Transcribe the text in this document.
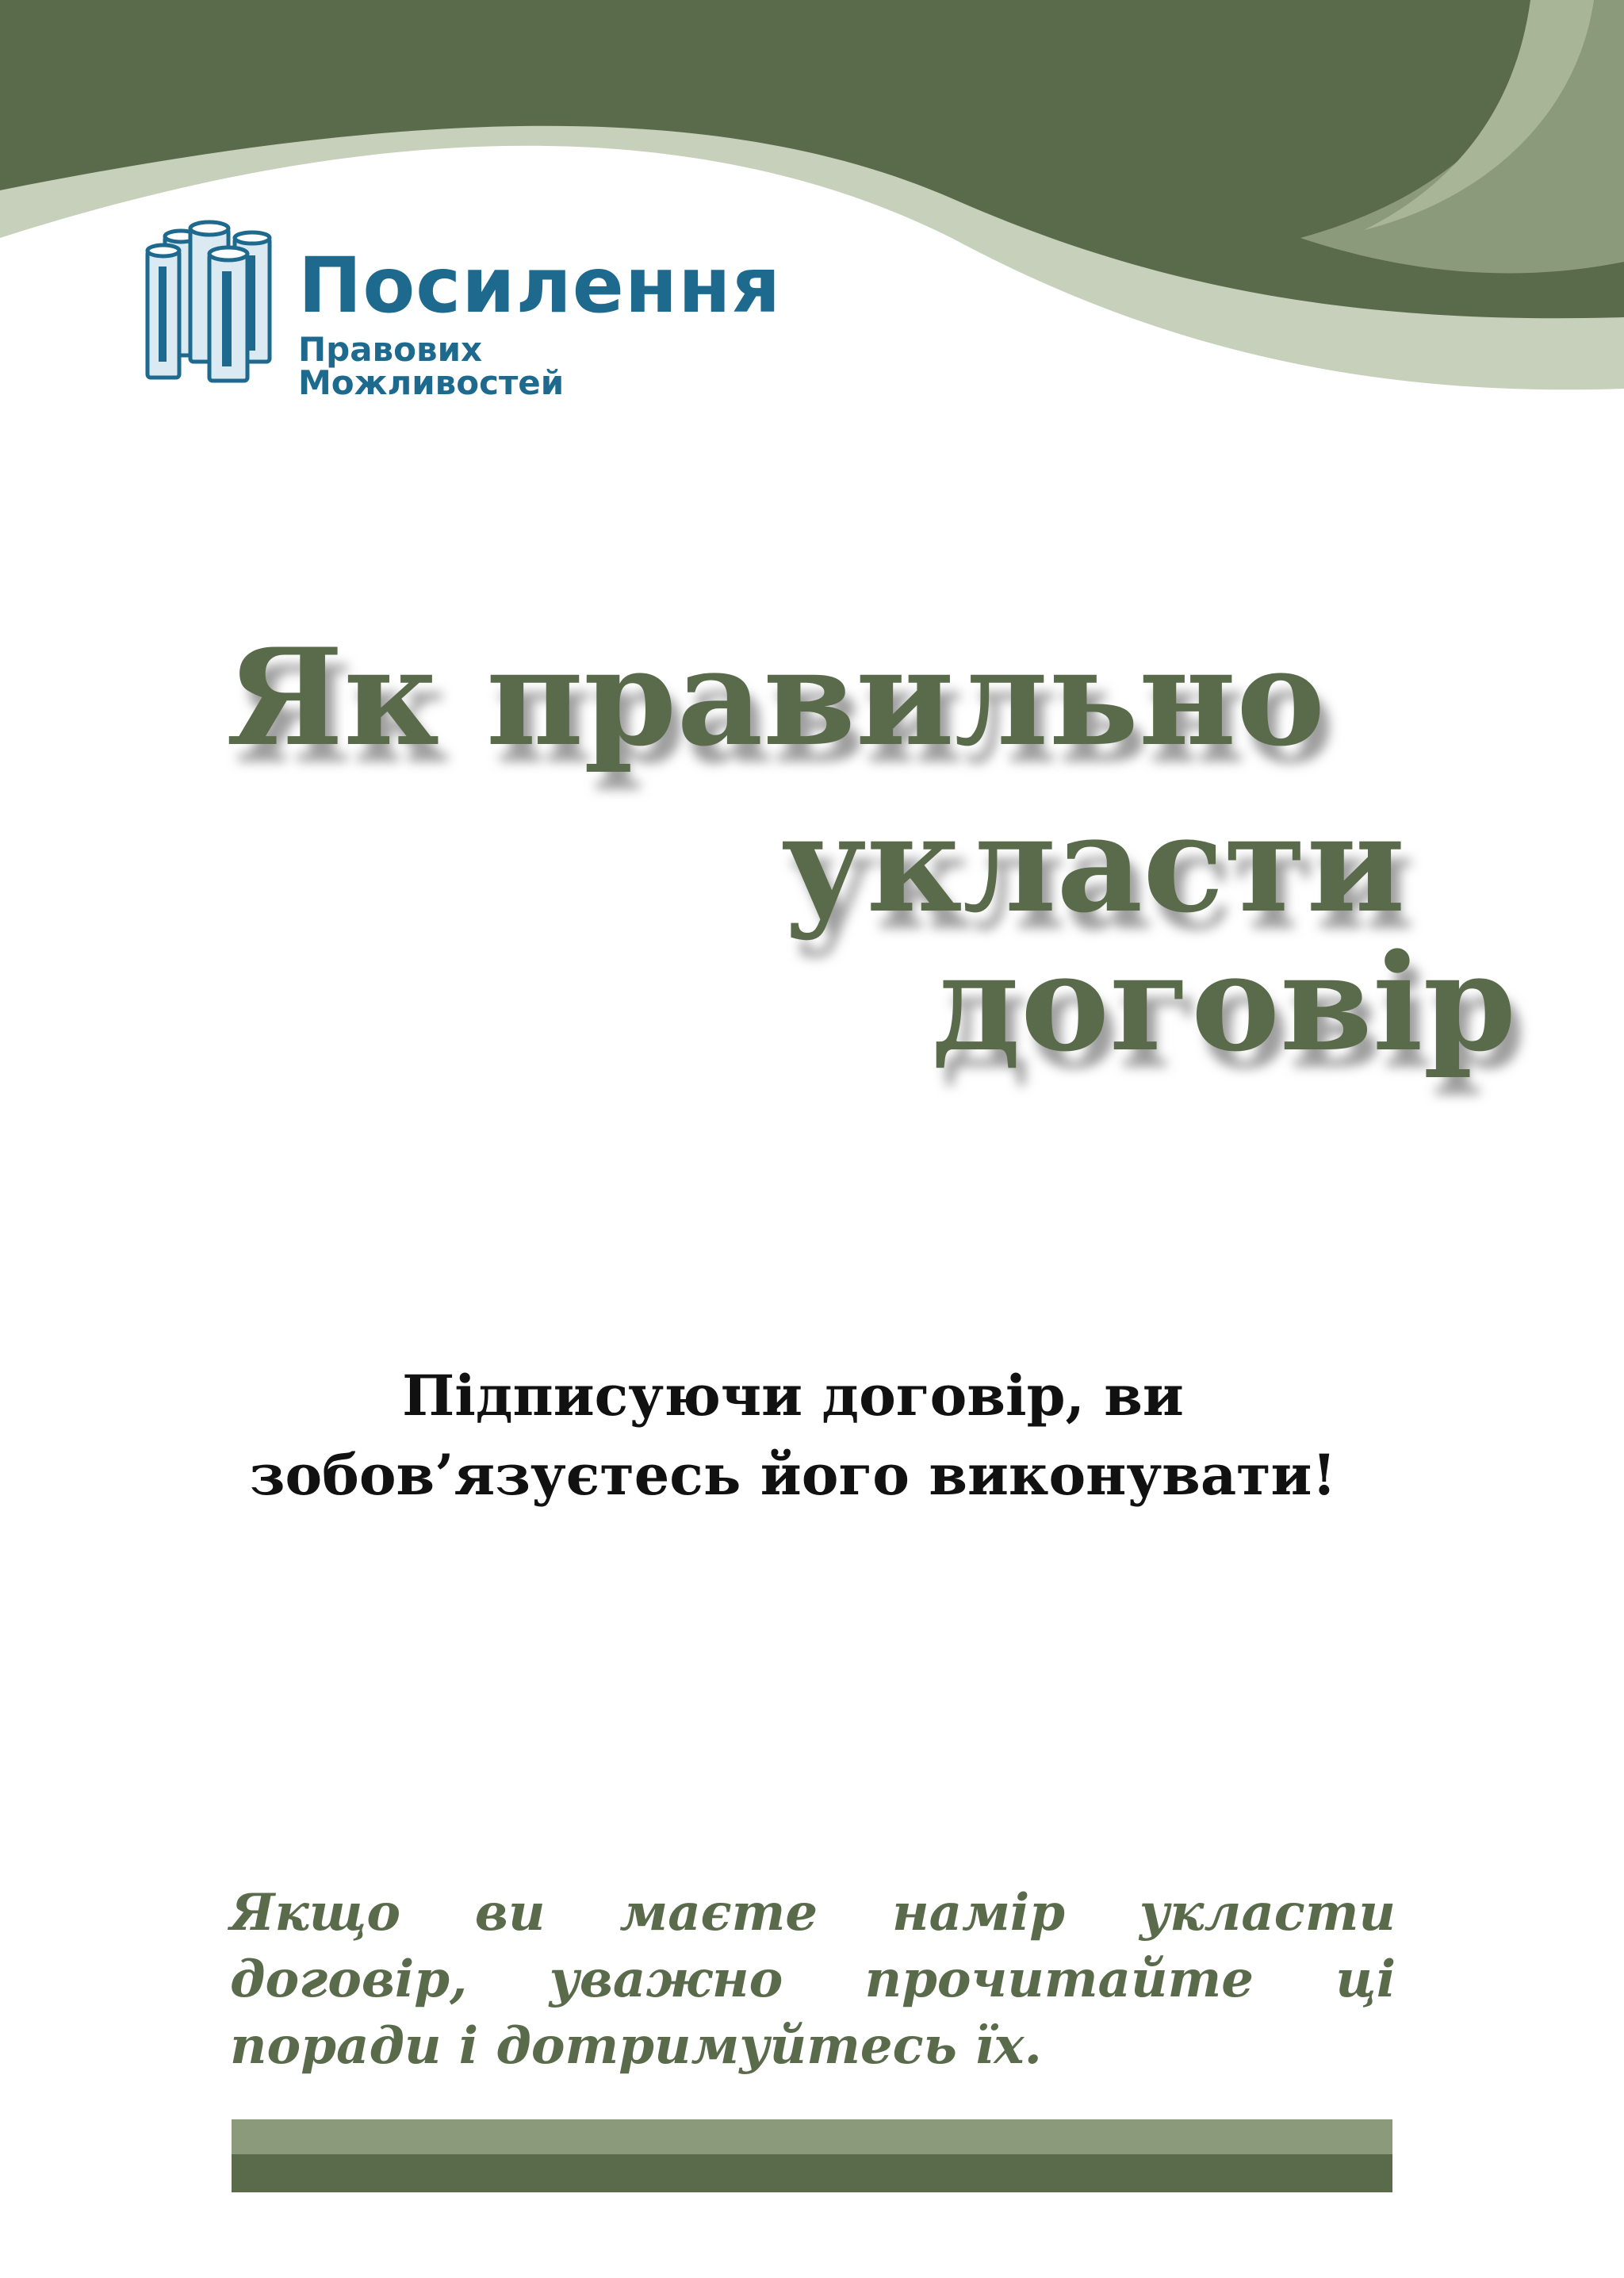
Посилення
Правових Можливостей
Як правильно
укласти
договір
Підписуючи договір, ви
зобов’язуєтесь його виконувати!
Якщо ви маєте намір укласти договір, уважно прочитайте ці поради і дотримуйтесь їх.
